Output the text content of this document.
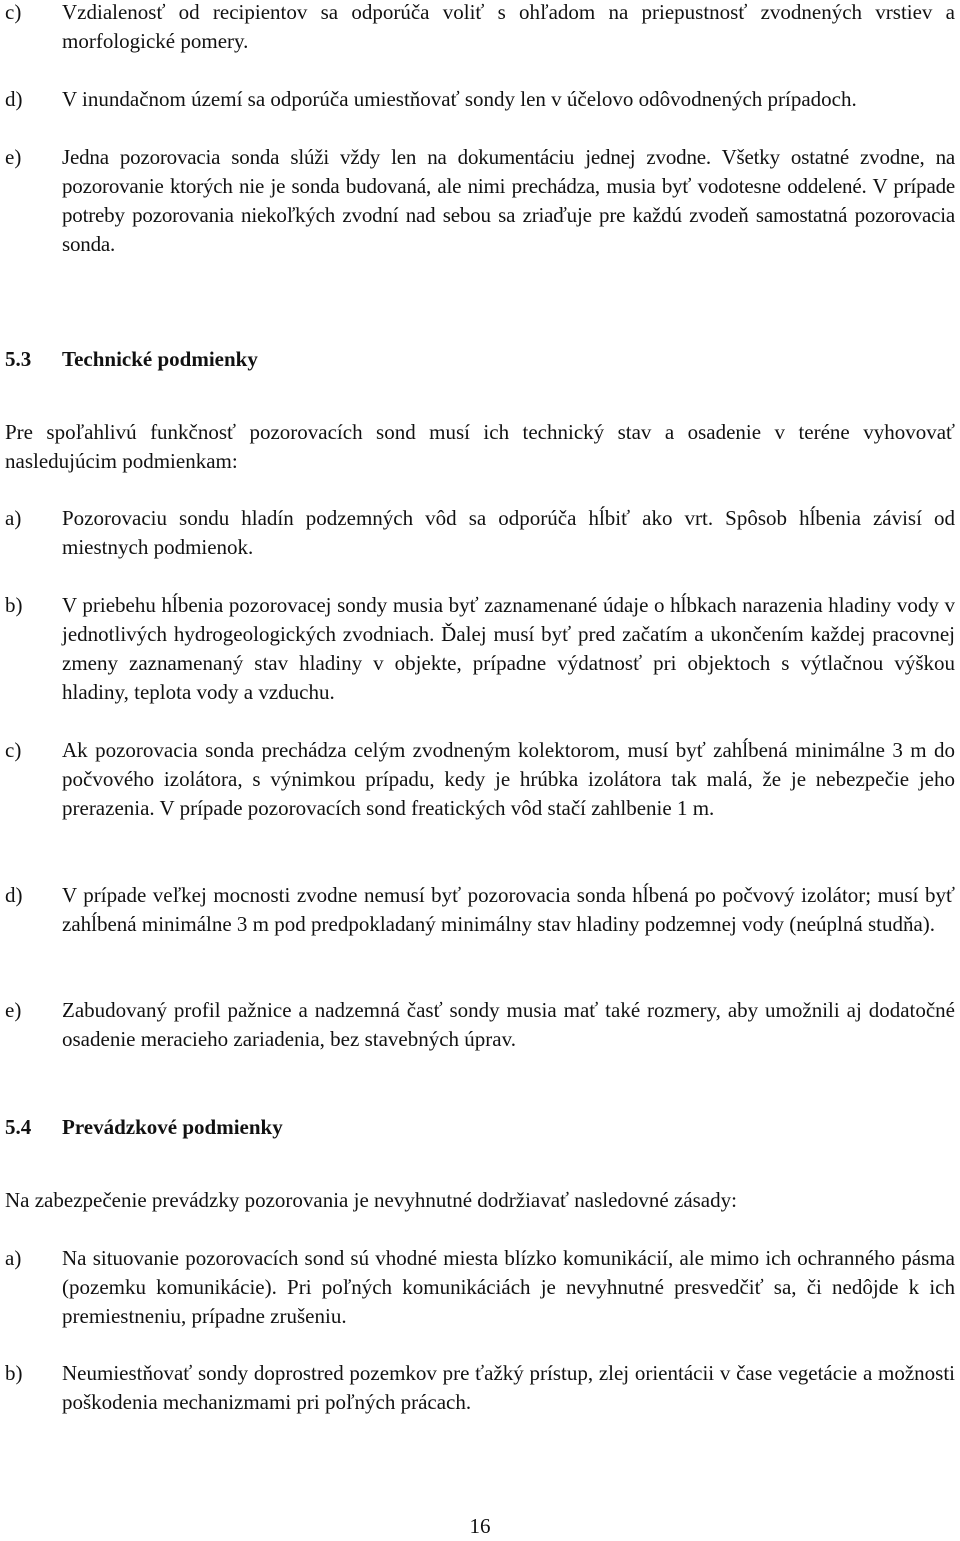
c) Vzdialenosť od recipientov sa odporúča voliť s ohľadom na priepustnosť zvodnených vrstiev a morfologické pomery.
d) V inundačnom území sa odporúča umiestňovať sondy len v účelovo odôvodnených prípadoch.
e) Jedna pozorovacia sonda slúži vždy len na dokumentáciu jednej zvodne. Všetky ostatné zvodne, na pozorovanie ktorých nie je sonda budovaná, ale nimi prechádza, musia byť vodotesne oddelené. V prípade potreby pozorovania niekoľkých zvodní nad sebou sa zriaďuje pre každú zvodeň samostatná pozorovacia sonda.
5.3 Technické podmienky
Pre spoľahlivú funkčnosť pozorovacích sond musí ich technický stav a osadenie v teréne vyhovovať nasledujúcim podmienkam:
a) Pozorovaciu sondu hladín podzemných vôd sa odporúča hĺbiť ako vrt. Spôsob hĺbenia závisí od miestnych podmienok.
b) V priebehu hĺbenia pozorovacej sondy musia byť zaznamenané údaje o hĺbkach narazenia hladiny vody v jednotlivých hydrogeologických zvodniach. Ďalej musí byť pred začatím a ukončením každej pracovnej zmeny zaznamenaný stav hladiny v objekte, prípadne výdatnosť pri objektoch s výtlačnou výškou hladiny, teplota vody a vzduchu.
c) Ak pozorovacia sonda prechádza celým zvodneným kolektorom, musí byť zahĺbená minimálne 3 m do počvového izolátora, s výnimkou prípadu, kedy je hrúbka izolátora tak malá, že je nebezpečie jeho prerazenia. V prípade pozorovacích sond freatických vôd stačí zahlbenie 1 m.
d) V prípade veľkej mocnosti zvodne nemusí byť pozorovacia sonda hĺbená po počvový izolátor; musí byť zahĺbená minimálne 3 m pod predpokladaný minimálny stav hladiny podzemnej vody (neúplná studňa).
e) Zabudovaný profil pažnice a nadzemná časť sondy musia mať také rozmery, aby umožnili aj dodatočné osadenie meracieho zariadenia, bez stavebných úprav.
5.4 Prevádzkové podmienky
Na zabezpečenie prevádzky pozorovania je nevyhnutné dodržiavať nasledovné zásady:
a) Na situovanie pozorovacích sond sú vhodné miesta blízko komunikácií, ale mimo ich ochranného pásma (pozemku komunikácie). Pri poľných komunikáciách je nevyhnutné presvedčiť sa, či nedôjde k ich premiestneniu, prípadne zrušeniu.
b) Neumiestňovať sondy doprostred pozemkov pre ťažký prístup, zlej orientácii v čase vegetácie a možnosti poškodenia mechanizmami pri poľných prácach.
16
